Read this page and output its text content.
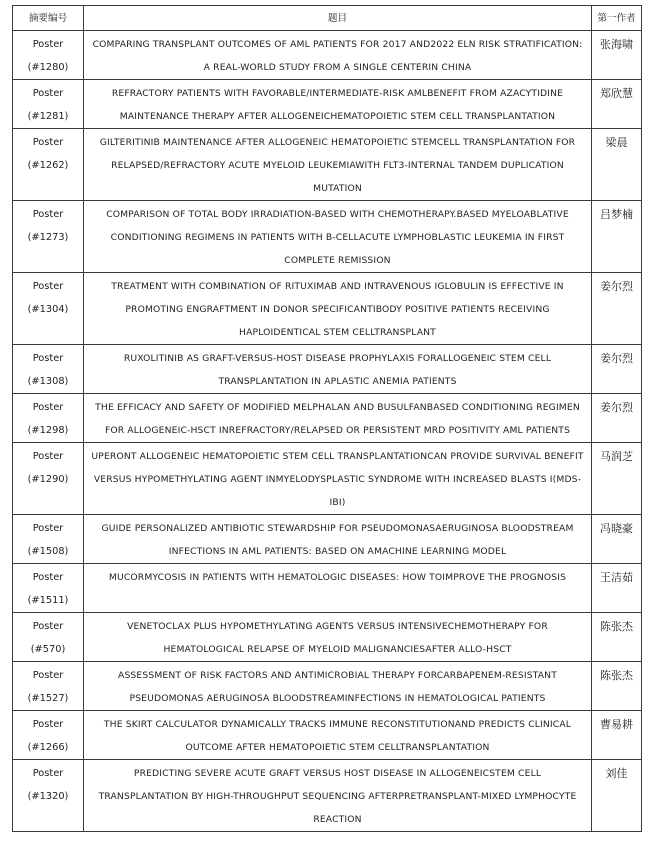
摘要编号	题目	第一作者

Poster
(#1280)	COMPARING TRANSPLANT OUTCOMES OF AML PATIENTS FOR 2017 AND2022 ELN RISK STRATIFICATION: A REAL-WORLD STUDY FROM A SINGLE CENTERIN CHINA	张海啸

Poster
(#1281)	REFRACTORY PATIENTS WITH FAVORABLE/INTERMEDIATE-RISK AMLBENEFIT FROM AZACYTIDINE MAINTENANCE THERAPY AFTER ALLOGENEICHEMATOPOIETIC STEM CELL TRANSPLANTATION	郑欣慧

Poster
(#1262)	GILTERITINIB MAINTENANCE AFTER ALLOGENEIC HEMATOPOIETIC STEMCELL TRANSPLANTATION FOR RELAPSED/REFRACTORY ACUTE MYELOID LEUKEMIAWITH FLT3-INTERNAL TANDEM DUPLICATION MUTATION	梁晨

Poster
(#1273)	COMPARISON OF TOTAL BODY IRRADIATION-BASED WITH CHEMOTHERAPY.BASED MYELOABLATIVE CONDITIONING REGIMENS IN PATIENTS WITH B-CELLACUTE LYMPHOBLASTIC LEUKEMIA IN FIRST COMPLETE REMISSION	吕梦楠

Poster
(#1304)	TREATMENT WITH COMBINATION OF RITUXIMAB AND INTRAVENOUS IGLOBULIN IS EFFECTIVE IN PROMOTING ENGRAFTMENT IN DONOR SPECIFICANTIBODY POSITIVE PATIENTS RECEIVING HAPLOIDENTICAL STEM CELLTRANSPLANT	姜尔烈

Poster
(#1308)	RUXOLITINIB AS GRAFT-VERSUS-HOST DISEASE PROPHYLAXIS FORALLOGENEIC STEM CELL TRANSPLANTATION IN APLASTIC ANEMIA PATIENTS	姜尔烈

Poster
(#1298)	THE EFFICACY AND SAFETY OF MODIFIED MELPHALAN AND BUSULFANBASED CONDITIONING REGIMEN FOR ALLOGENEIC-HSCT INREFRACTORY/RELAPSED OR PERSISTENT MRD POSITIVITY AML PATIENTS	姜尔烈

Poster
(#1290)	UPERONT ALLOGENEIC HEMATOPOIETIC STEM CELL TRANSPLANTATIONCAN PROVIDE SURVIVAL BENEFIT VERSUS HYPOMETHYLATING AGENT INMYELODYSPLASTIC SYNDROME WITH INCREASED BLASTS I(MDS-IBI)	马润芝

Poster
(#1508)	GUIDE PERSONALIZED ANTIBIOTIC STEWARDSHIP FOR PSEUDOMONASAERUGINOSA BLOODSTREAM INFECTIONS IN AML PATIENTS: BASED ON AMACHINE LEARNING MODEL	冯晓豪

Poster
(#1511)	MUCORMYCOSIS IN PATIENTS WITH HEMATOLOGIC DISEASES: HOW TOIMPROVE THE PROGNOSIS	王洁茹

Poster
(#570)	VENETOCLAX PLUS HYPOMETHYLATING AGENTS VERSUS INTENSIVECHEMOTHERAPY FOR HEMATOLOGICAL RELAPSE OF MYELOID MALIGNANCIESAFTER ALLO-HSCT	陈张杰

Poster
(#1527)	ASSESSMENT OF RISK FACTORS AND ANTIMICROBIAL THERAPY FORCARBAPENEM-RESISTANT PSEUDOMONAS AERUGINOSA BLOODSTREAMINFECTIONS IN HEMATOLOGICAL PATIENTS	陈张杰

Poster
(#1266)	THE SKIRT CALCULATOR DYNAMICALLY TRACKS IMMUNE RECONSTITUTIONAND PREDICTS CLINICAL OUTCOME AFTER HEMATOPOIETIC STEM CELLTRANSPLANTATION	曹易耕

Poster
(#1320)	PREDICTING SEVERE ACUTE GRAFT VERSUS HOST DISEASE IN ALLOGENEICSTEM CELL TRANSPLANTATION BY HIGH-THROUGHPUT SEQUENCING AFTERPRETRANSPLANT-MIXED LYMPHOCYTE REACTION	刘佳
